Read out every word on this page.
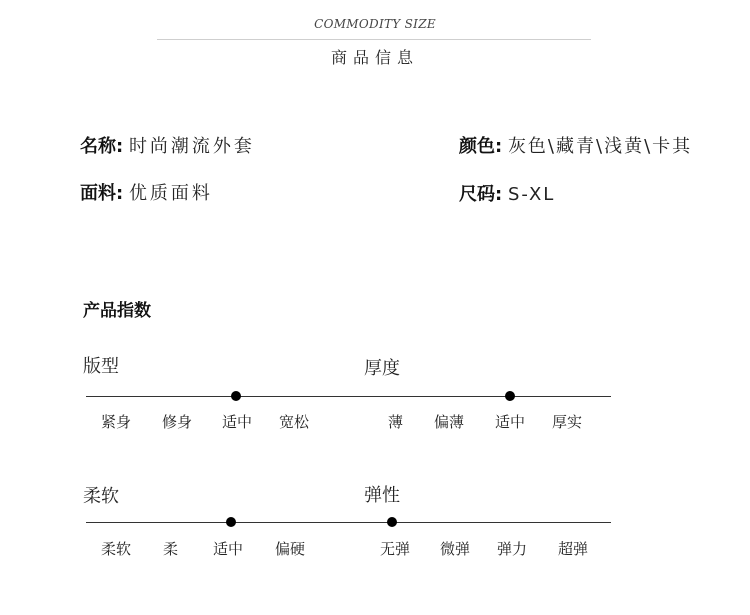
COMMODITY SIZE
商品信息
名称: 时尚潮流外套	颜色: 灰色\藏青\浅黄\卡其
面料: 优质面料	尺码: S-XL
产品指数
版型
紧身 修身 适中 宽松
厚度
薄 偏薄 适中 厚实
柔软
柔软 柔 适中 偏硬
弹性
无弹 微弹 弹力 超弹
